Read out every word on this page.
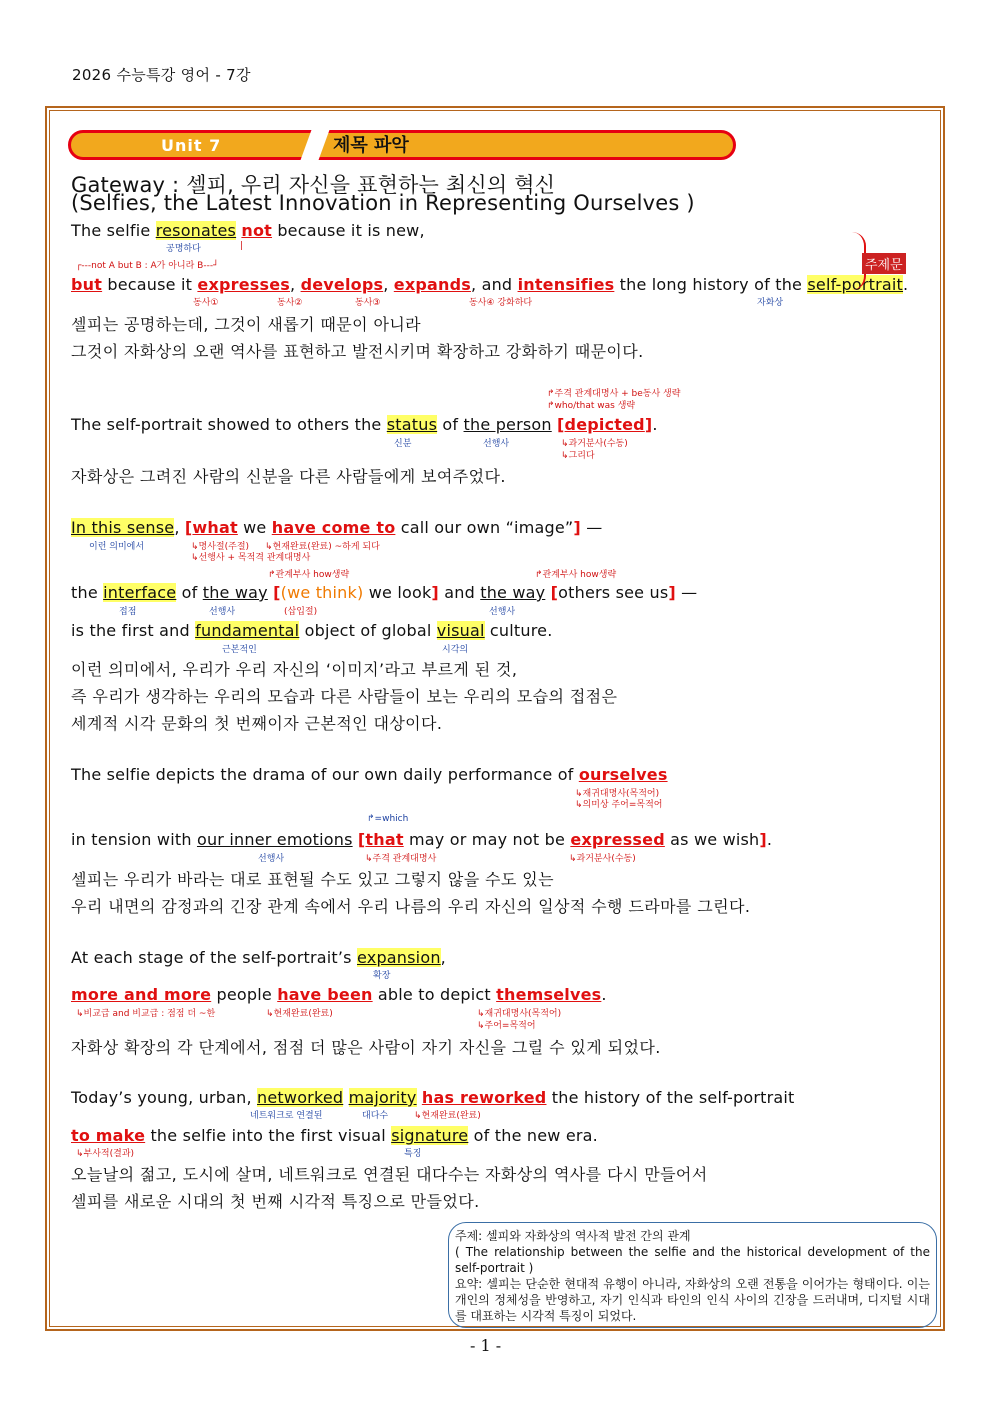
2026 수능특강 영어 - 7강
Unit 7	제목 파악
Gateway : 셀피, 우리 자신을 표현하는 최신의 혁신
(Selfies, the Latest Innovation in Representing Ourselves )
The selfie resonates not because it is new,
공명하다	|
┌---not A but B : A가 아니라 B---┘
but because it expresses, develops, expands, and intensifies the long history of the self-portrait.
동사①	동사②	동사③	동사④ 강화하다	자화상
주제문
셀피는 공명하는데, 그것이 새롭기 때문이 아니라
그것이 자화상의 오랜 역사를 표현하고 발전시키며 확장하고 강화하기 때문이다.
↱주격 관계대명사 + be동사 생략
↱who/that was 생략
The self-portrait showed to others the status of the person [depicted].
신분	선행사	↳과거분사(수동)
↳그리다
자화상은 그려진 사람의 신분을 다른 사람들에게 보여주었다.
In this sense, [what we have come to call our own “image”] —
이런 의미에서	↳명사절(주절)
↳선행사 + 목적격 관계대명사
↳현재완료(완료) ~하게 되다
↱관계부사 how생략	↱관계부사 how생략
the interface of the way [(we think) we look] and the way [others see us] —
접점	선행사	(삽입절)	선행사
is the first and fundamental object of global visual culture.
근본적인	시각의
이런 의미에서, 우리가 우리 자신의 ‘이미지’라고 부르게 된 것,
즉 우리가 생각하는 우리의 모습과 다른 사람들이 보는 우리의 모습의 접점은
세계적 시각 문화의 첫 번째이자 근본적인 대상이다.
The selfie depicts the drama of our own daily performance of ourselves
↳재귀대명사(목적어)
↳의미상 주어=목적어
↱=which
in tension with our inner emotions [that may or may not be expressed as we wish].
선행사	↳주격 관계대명사	↳과거분사(수동)
셀피는 우리가 바라는 대로 표현될 수도 있고 그렇지 않을 수도 있는
우리 내면의 감정과의 긴장 관계 속에서 우리 나름의 우리 자신의 일상적 수행 드라마를 그린다.
At each stage of the self-portrait’s expansion,
확장
more and more people have been able to depict themselves.
↳비교급 and 비교급 : 점점 더 ~한	↳현재완료(완료)	↳재귀대명사(목적어)
↳주어=목적어
자화상 확장의 각 단계에서, 점점 더 많은 사람이 자기 자신을 그릴 수 있게 되었다.
Today’s young, urban, networked majority has reworked the history of the self-portrait
네트워크로 연결된	대다수	↳현재완료(완료)
to make the selfie into the first visual signature of the new era.
↳부사적(결과)	특징
오늘날의 젊고, 도시에 살며, 네트워크로 연결된 대다수는 자화상의 역사를 다시 만들어서
셀피를 새로운 시대의 첫 번째 시각적 특징으로 만들었다.
주제: 셀피와 자화상의 역사적 발전 간의 관계
( The relationship between the selfie and the historical development of the self-portrait )
요약: 셀피는 단순한 현대적 유행이 아니라, 자화상의 오랜 전통을 이어가는 형태이다. 이는 개인의 정체성을 반영하고, 자기 인식과 타인의 인식 사이의 긴장을 드러내며, 디지털 시대를 대표하는 시각적 특징이 되었다.
- 1 -
